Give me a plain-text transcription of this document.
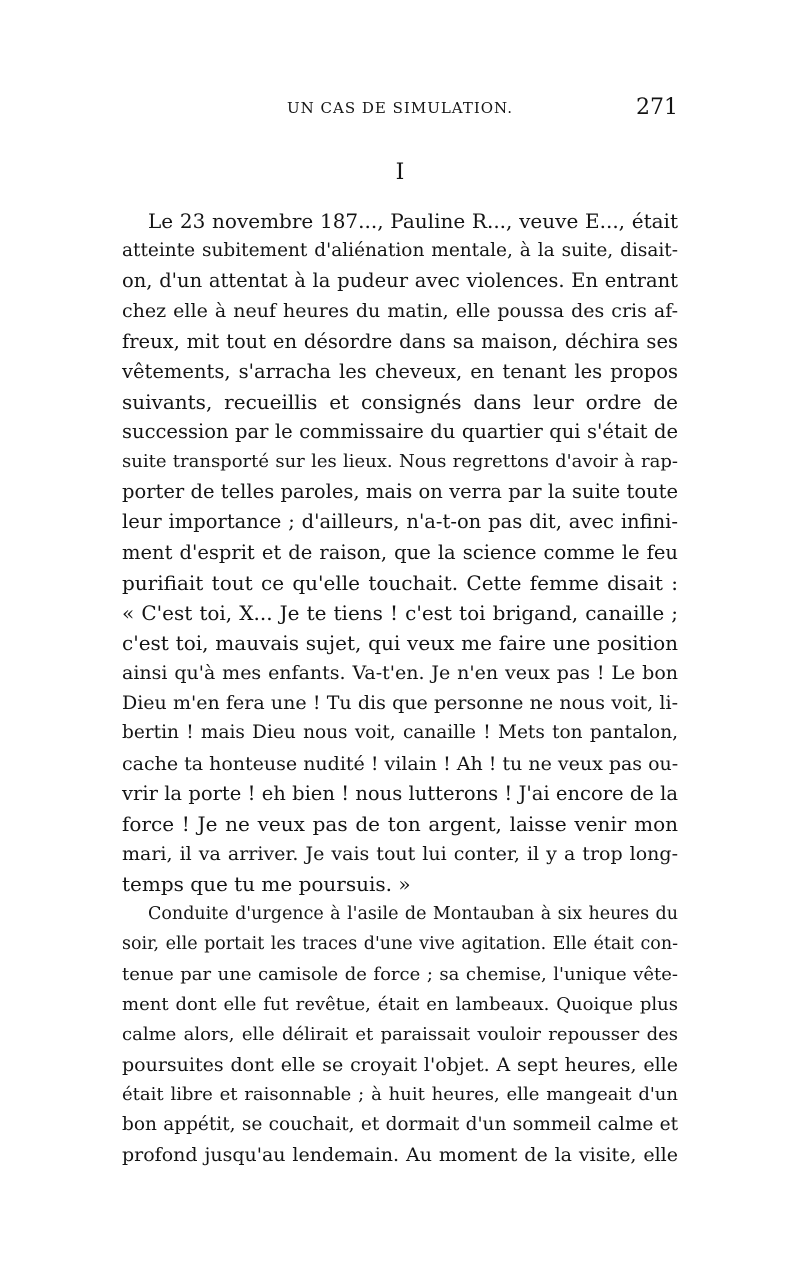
UN CAS DE SIMULATION.	271
I
Le 23 novembre 187..., Pauline R..., veuve E..., était
atteinte subitement d'aliénation mentale, à la suite, disait-
on, d'un attentat à la pudeur avec violences. En entrant
chez elle à neuf heures du matin, elle poussa des cris af-
freux, mit tout en désordre dans sa maison, déchira ses
vêtements, s'arracha les cheveux, en tenant les propos
suivants, recueillis et consignés dans leur ordre de
succession par le commissaire du quartier qui s'était de
suite transporté sur les lieux. Nous regrettons d'avoir à rap-
porter de telles paroles, mais on verra par la suite toute
leur importance ; d'ailleurs, n'a-t-on pas dit, avec infini-
ment d'esprit et de raison, que la science comme le feu
purifiait tout ce qu'elle touchait. Cette femme disait :
« C'est toi, X... Je te tiens ! c'est toi brigand, canaille ;
c'est toi, mauvais sujet, qui veux me faire une position
ainsi qu'à mes enfants. Va-t'en. Je n'en veux pas ! Le bon
Dieu m'en fera une ! Tu dis que personne ne nous voit, li-
bertin ! mais Dieu nous voit, canaille ! Mets ton pantalon,
cache ta honteuse nudité ! vilain ! Ah ! tu ne veux pas ou-
vrir la porte ! eh bien ! nous lutterons ! J'ai encore de la
force ! Je ne veux pas de ton argent, laisse venir mon
mari, il va arriver. Je vais tout lui conter, il y a trop long-
temps que tu me poursuis. »
Conduite d'urgence à l'asile de Montauban à six heures du
soir, elle portait les traces d'une vive agitation. Elle était con-
tenue par une camisole de force ; sa chemise, l'unique vête-
ment dont elle fut revêtue, était en lambeaux. Quoique plus
calme alors, elle délirait et paraissait vouloir repousser des
poursuites dont elle se croyait l'objet. A sept heures, elle
était libre et raisonnable ; à huit heures, elle mangeait d'un
bon appétit, se couchait, et dormait d'un sommeil calme et
profond jusqu'au lendemain. Au moment de la visite, elle
